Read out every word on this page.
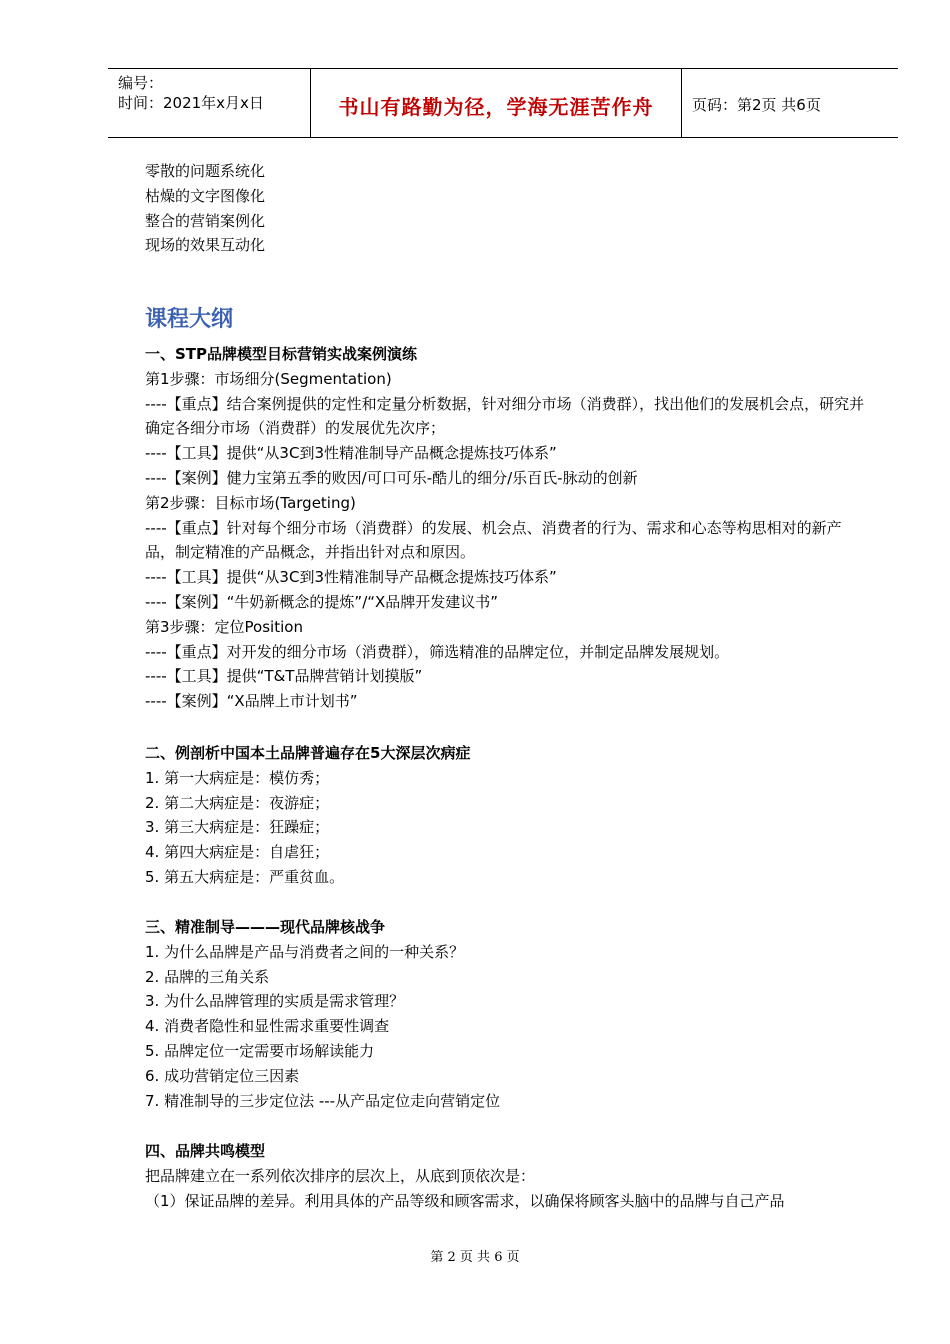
编号：
时间：2021年x月x日	书山有路勤为径，学海无涯苦作舟	页码：第2页 共6页
零散的问题系统化
枯燥的文字图像化
整合的营销案例化
现场的效果互动化
课程大纲
一、STP品牌模型目标营销实战案例演练
第1步骤：市场细分(Segmentation)
----【重点】结合案例提供的定性和定量分析数据，针对细分市场（消费群），找出他们的发展机会点，研究并确定各细分市场（消费群）的发展优先次序；
----【工具】提供“从3C到3性精准制导产品概念提炼技巧体系”
----【案例】健力宝第五季的败因/可口可乐-酷儿的细分/乐百氏-脉动的创新
第2步骤：目标市场(Targeting)
----【重点】针对每个细分市场（消费群）的发展、机会点、消费者的行为、需求和心态等构思相对的新产品，制定精准的产品概念，并指出针对点和原因。
----【工具】提供“从3C到3性精准制导产品概念提炼技巧体系”
----【案例】“牛奶新概念的提炼”/“X品牌开发建议书”
第3步骤：定位Position
----【重点】对开发的细分市场（消费群），筛选精准的品牌定位，并制定品牌发展规划。
----【工具】提供“T&T品牌营销计划摸版”
----【案例】“X品牌上市计划书”
二、例剖析中国本土品牌普遍存在5大深层次病症
1. 第一大病症是：模仿秀；
2. 第二大病症是：夜游症；
3. 第三大病症是：狂躁症；
4. 第四大病症是：自虐狂；
5. 第五大病症是：严重贫血。
三、精准制导———现代品牌核战争
1. 为什么品牌是产品与消费者之间的一种关系？
2. 品牌的三角关系
3. 为什么品牌管理的实质是需求管理？
4. 消费者隐性和显性需求重要性调查
5. 品牌定位一定需要市场解读能力
6. 成功营销定位三因素
7. 精准制导的三步定位法 ---从产品定位走向营销定位
四、品牌共鸣模型
把品牌建立在一系列依次排序的层次上，从底到顶依次是：
（1）保证品牌的差异。利用具体的产品等级和顾客需求，以确保将顾客头脑中的品牌与自己产品
第 2 页 共 6 页
